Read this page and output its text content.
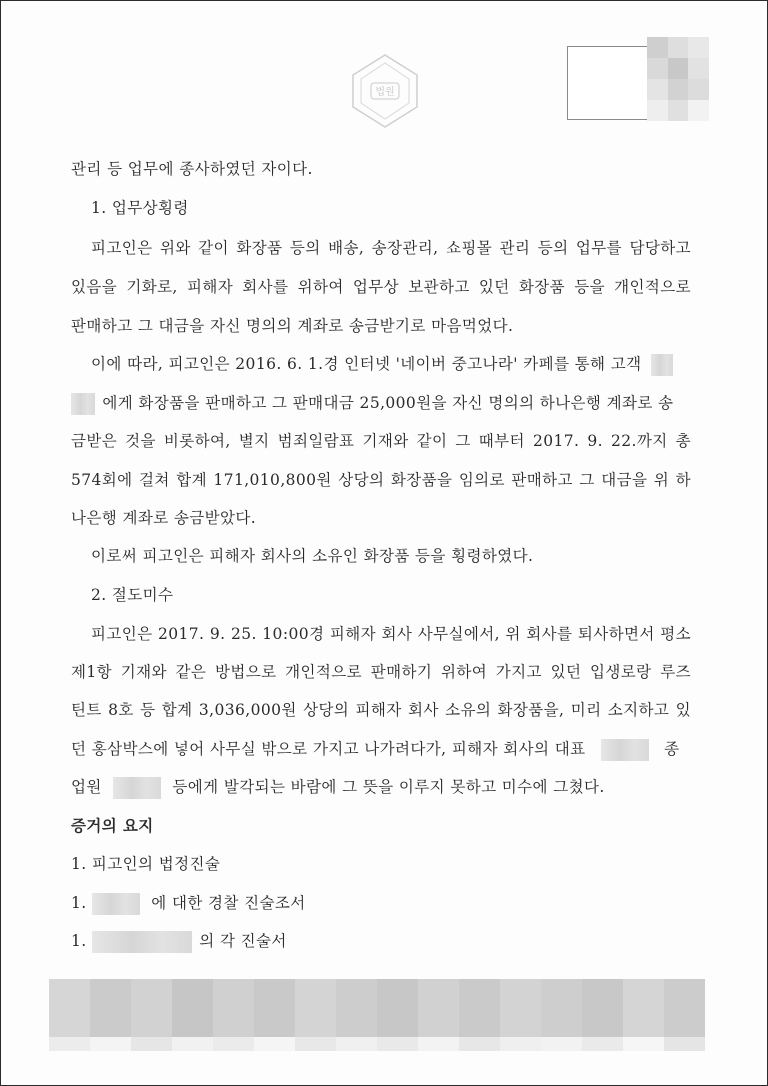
법원
관리 등 업무에 종사하였던 자이다.
1. 업무상횡령
피고인은 위와 같이 화장품 등의 배송, 송장관리, 쇼핑몰 관리 등의 업무를 담당하고
있음을 기화로, 피해자 회사를 위하여 업무상 보관하고 있던 화장품 등을 개인적으로
판매하고 그 대금을 자신 명의의 계좌로 송금받기로 마음먹었다.
이에 따라, 피고인은 2016. 6. 1.경 인터넷 '네이버 중고나라' 카페를 통해 고객
에게 화장품을 판매하고 그 판매대금 25,000원을 자신 명의의 하나은행 계좌로 송
금받은 것을 비롯하여, 별지 범죄일람표 기재와 같이 그 때부터 2017. 9. 22.까지 총
574회에 걸쳐 합계 171,010,800원 상당의 화장품을 임의로 판매하고 그 대금을 위 하
나은행 계좌로 송금받았다.
이로써 피고인은 피해자 회사의 소유인 화장품 등을 횡령하였다.
2. 절도미수
피고인은 2017. 9. 25. 10:00경 피해자 회사 사무실에서, 위 회사를 퇴사하면서 평소
제1항 기재와 같은 방법으로 개인적으로 판매하기 위하여 가지고 있던 입생로랑 루즈
틴트 8호 등 합계 3,036,000원 상당의 피해자 회사 소유의 화장품을, 미리 소지하고 있
던 홍삼박스에 넣어 사무실 밖으로 가지고 나가려다가, 피해자 회사의 대표	종
업원	등에게 발각되는 바람에 그 뜻을 이루지 못하고 미수에 그쳤다.
증거의 요지
1. 피고인의 법정진술
1.	에 대한 경찰 진술조서
1.	의 각 진술서
